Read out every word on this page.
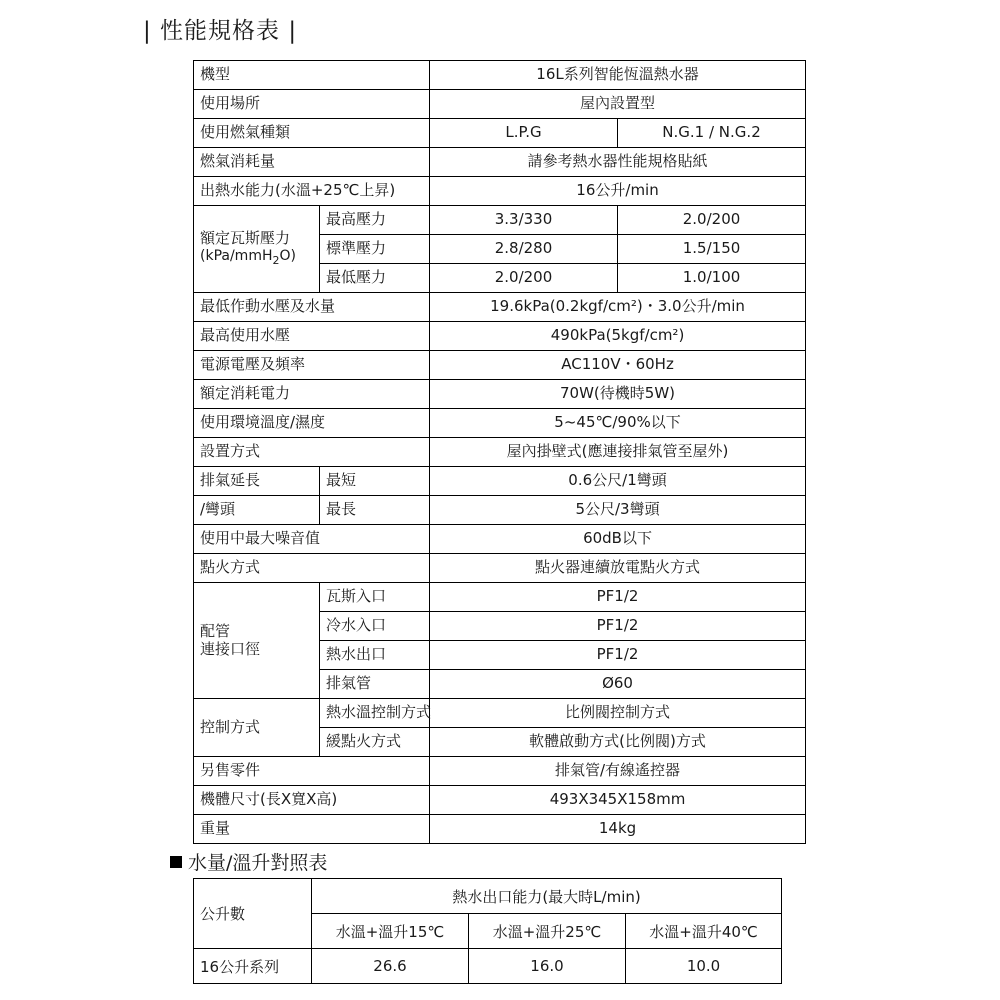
| 性能規格表 |
機型		16L系列智能恆溫熱水器	
使用場所		屋內設置型	
使用燃氣種類		L.P.G	N.G.1 / N.G.2
燃氣消耗量		請參考熱水器性能規格貼紙	
出熱水能力(水溫+25℃上昇)		16公升/min	
額定瓦斯壓力
(kPa/mmH$_2$O)	最高壓力	3.3/330	2.0/200
	標準壓力	2.8/280	1.5/150
	最低壓力	2.0/200	1.0/100
最低作動水壓及水量		19.6kPa(0.2kgf/cm²)・3.0公升/min	
最高使用水壓		490kPa(5kgf/cm²)	
電源電壓及頻率		AC110V・60Hz	
額定消耗電力		70W(待機時5W)	
使用環境溫度/濕度		5~45℃/90%以下	
設置方式		屋內掛壁式(應連接排氣管至屋外)	
排氣延長	最短	0.6公尺/1彎頭	
/彎頭	最長	5公尺/3彎頭	
使用中最大噪音值		60dB以下	
點火方式		點火器連續放電點火方式	
配管
連接口徑	瓦斯入口	PF1/2	
	冷水入口	PF1/2	
	熱水出口	PF1/2	
	排氣管	Ø60	
控制方式	熱水溫控制方式	比例閥控制方式	
	緩點火方式	軟體啟動方式(比例閥)方式	
另售零件		排氣管/有線遙控器	
機體尺寸(長X寬X高)		493X345X158mm	
重量		14kg	
水量/溫升對照表
公升數	熱水出口能力(最大時L/min)		
	水溫+溫升15℃	水溫+溫升25℃	水溫+溫升40℃
16公升系列	26.6	16.0	10.0
